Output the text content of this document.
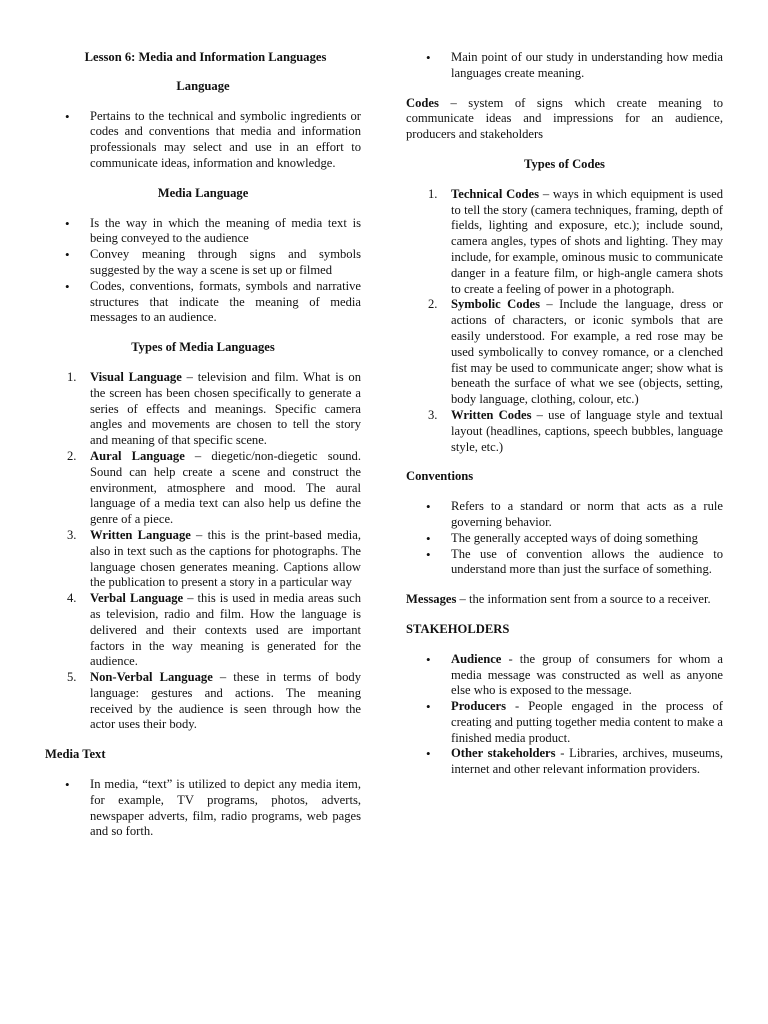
Lesson 6: Media and Information Languages

Language

• Pertains to the technical and symbolic ingredients or codes and conventions that media and information professionals may select and use in an effort to communicate ideas, information and knowledge.

Media Language

• Is the way in which the meaning of media text is being conveyed to the audience
• Convey meaning through signs and symbols suggested by the way a scene is set up or filmed
• Codes, conventions, formats, symbols and narrative structures that indicate the meaning of media messages to an audience.

Types of Media Languages

1. Visual Language – television and film. What is on the screen has been chosen specifically to generate a series of effects and meanings. Specific camera angles and movements are chosen to tell the story and meaning of that specific scene.
2. Aural Language – diegetic/non-diegetic sound. Sound can help create a scene and construct the environment, atmosphere and mood. The aural language of a media text can also help us define the genre of a piece.
3. Written Language – this is the print-based media, also in text such as the captions for photographs. The language chosen generates meaning. Captions allow the publication to present a story in a particular way
4. Verbal Language – this is used in media areas such as television, radio and film. How the language is delivered and their contexts used are important factors in the way meaning is generated for the audience.
5. Non-Verbal Language – these in terms of body language: gestures and actions. The meaning received by the audience is seen through how the actor uses their body.

Media Text

• In media, “text” is utilized to depict any media item, for example, TV programs, photos, adverts, newspaper adverts, film, radio programs, web pages and so forth.
• Main point of our study in understanding how media languages create meaning.

Codes – system of signs which create meaning to communicate ideas and impressions for an audience, producers and stakeholders

Types of Codes

1. Technical Codes – ways in which equipment is used to tell the story (camera techniques, framing, depth of fields, lighting and exposure, etc.); include sound, camera angles, types of shots and lighting. They may include, for example, ominous music to communicate danger in a feature film, or high-angle camera shots to create a feeling of power in a photograph.
2. Symbolic Codes – Include the language, dress or actions of characters, or iconic symbols that are easily understood. For example, a red rose may be used symbolically to convey romance, or a clenched fist may be used to communicate anger; show what is beneath the surface of what we see (objects, setting, body language, clothing, colour, etc.)
3. Written Codes – use of language style and textual layout (headlines, captions, speech bubbles, language style, etc.)

Conventions

• Refers to a standard or norm that acts as a rule governing behavior.
• The generally accepted ways of doing something
• The use of convention allows the audience to understand more than just the surface of something.

Messages – the information sent from a source to a receiver.

STAKEHOLDERS

• Audience - the group of consumers for whom a media message was constructed as well as anyone else who is exposed to the message.
• Producers - People engaged in the process of creating and putting together media content to make a finished media product.
• Other stakeholders - Libraries, archives, museums, internet and other relevant information providers.
